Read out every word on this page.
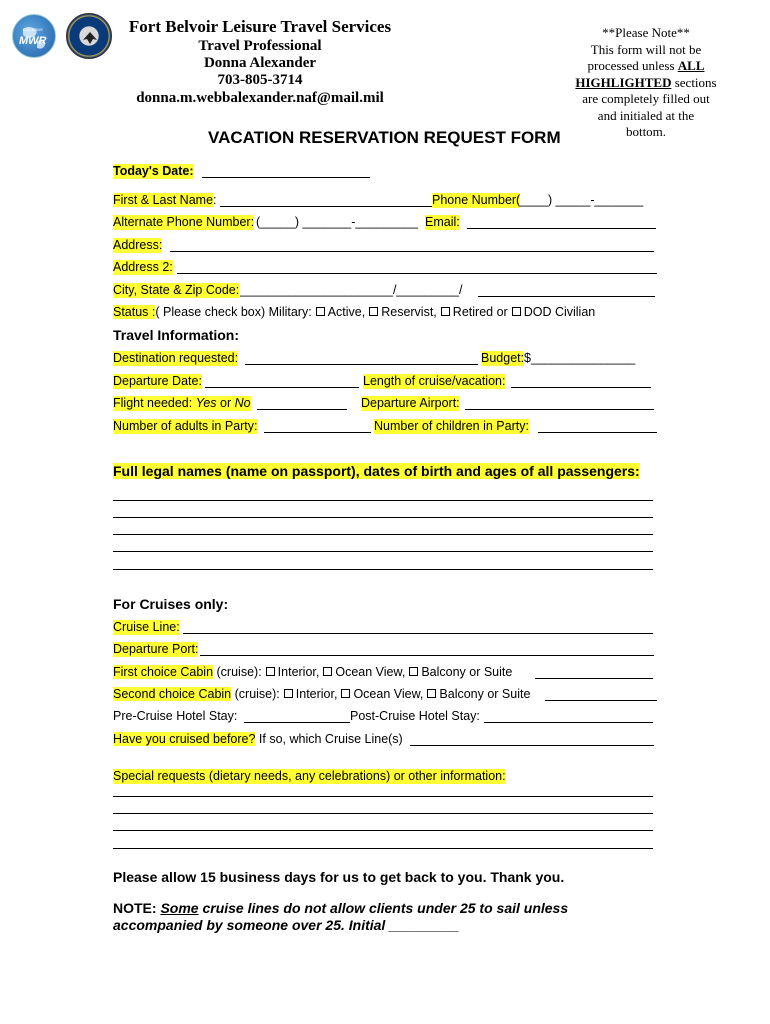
U.S. ARMY
MWR
Fort Belvoir Leisure Travel Services
Travel Professional
Donna Alexander
703-805-3714
donna.m.webbalexander.naf@mail.mil
**Please Note**
This form will not be
processed unless ALL
HIGHLIGHTED sections
are completely filled out
and initialed at the
bottom.
VACATION RESERVATION REQUEST FORM
Today's Date:
First & Last Name:	Phone Number:
(____) _____-_______
Alternate Phone Number: (_____) _______-_________ Email:
Address:
Address 2:
City, State & Zip Code: ______________________/_________/
Status :( Please check box) Military: Active, Reservist, Retired or DOD Civilian
Travel Information:
Destination requested:	Budget: $_______________
Departure Date:	Length of cruise/vacation:
Flight needed: Yes or No	Departure Airport:
Number of adults in Party:	Number of children in Party:
Full legal names (name on passport), dates of birth and ages of all passengers:
For Cruises only:
Cruise Line:
Departure Port:
First choice Cabin (cruise): Interior, Ocean View, Balcony or Suite
Second choice Cabin (cruise): Interior, Ocean View, Balcony or Suite
Pre-Cruise Hotel Stay:	Post-Cruise Hotel Stay:
Have you cruised before? If so, which Cruise Line(s)
Special requests (dietary needs, any celebrations) or other information:
Please allow 15 business days for us to get back to you. Thank you.
NOTE: Some cruise lines do not allow clients under 25 to sail unless
accompanied by someone over 25. Initial _________
